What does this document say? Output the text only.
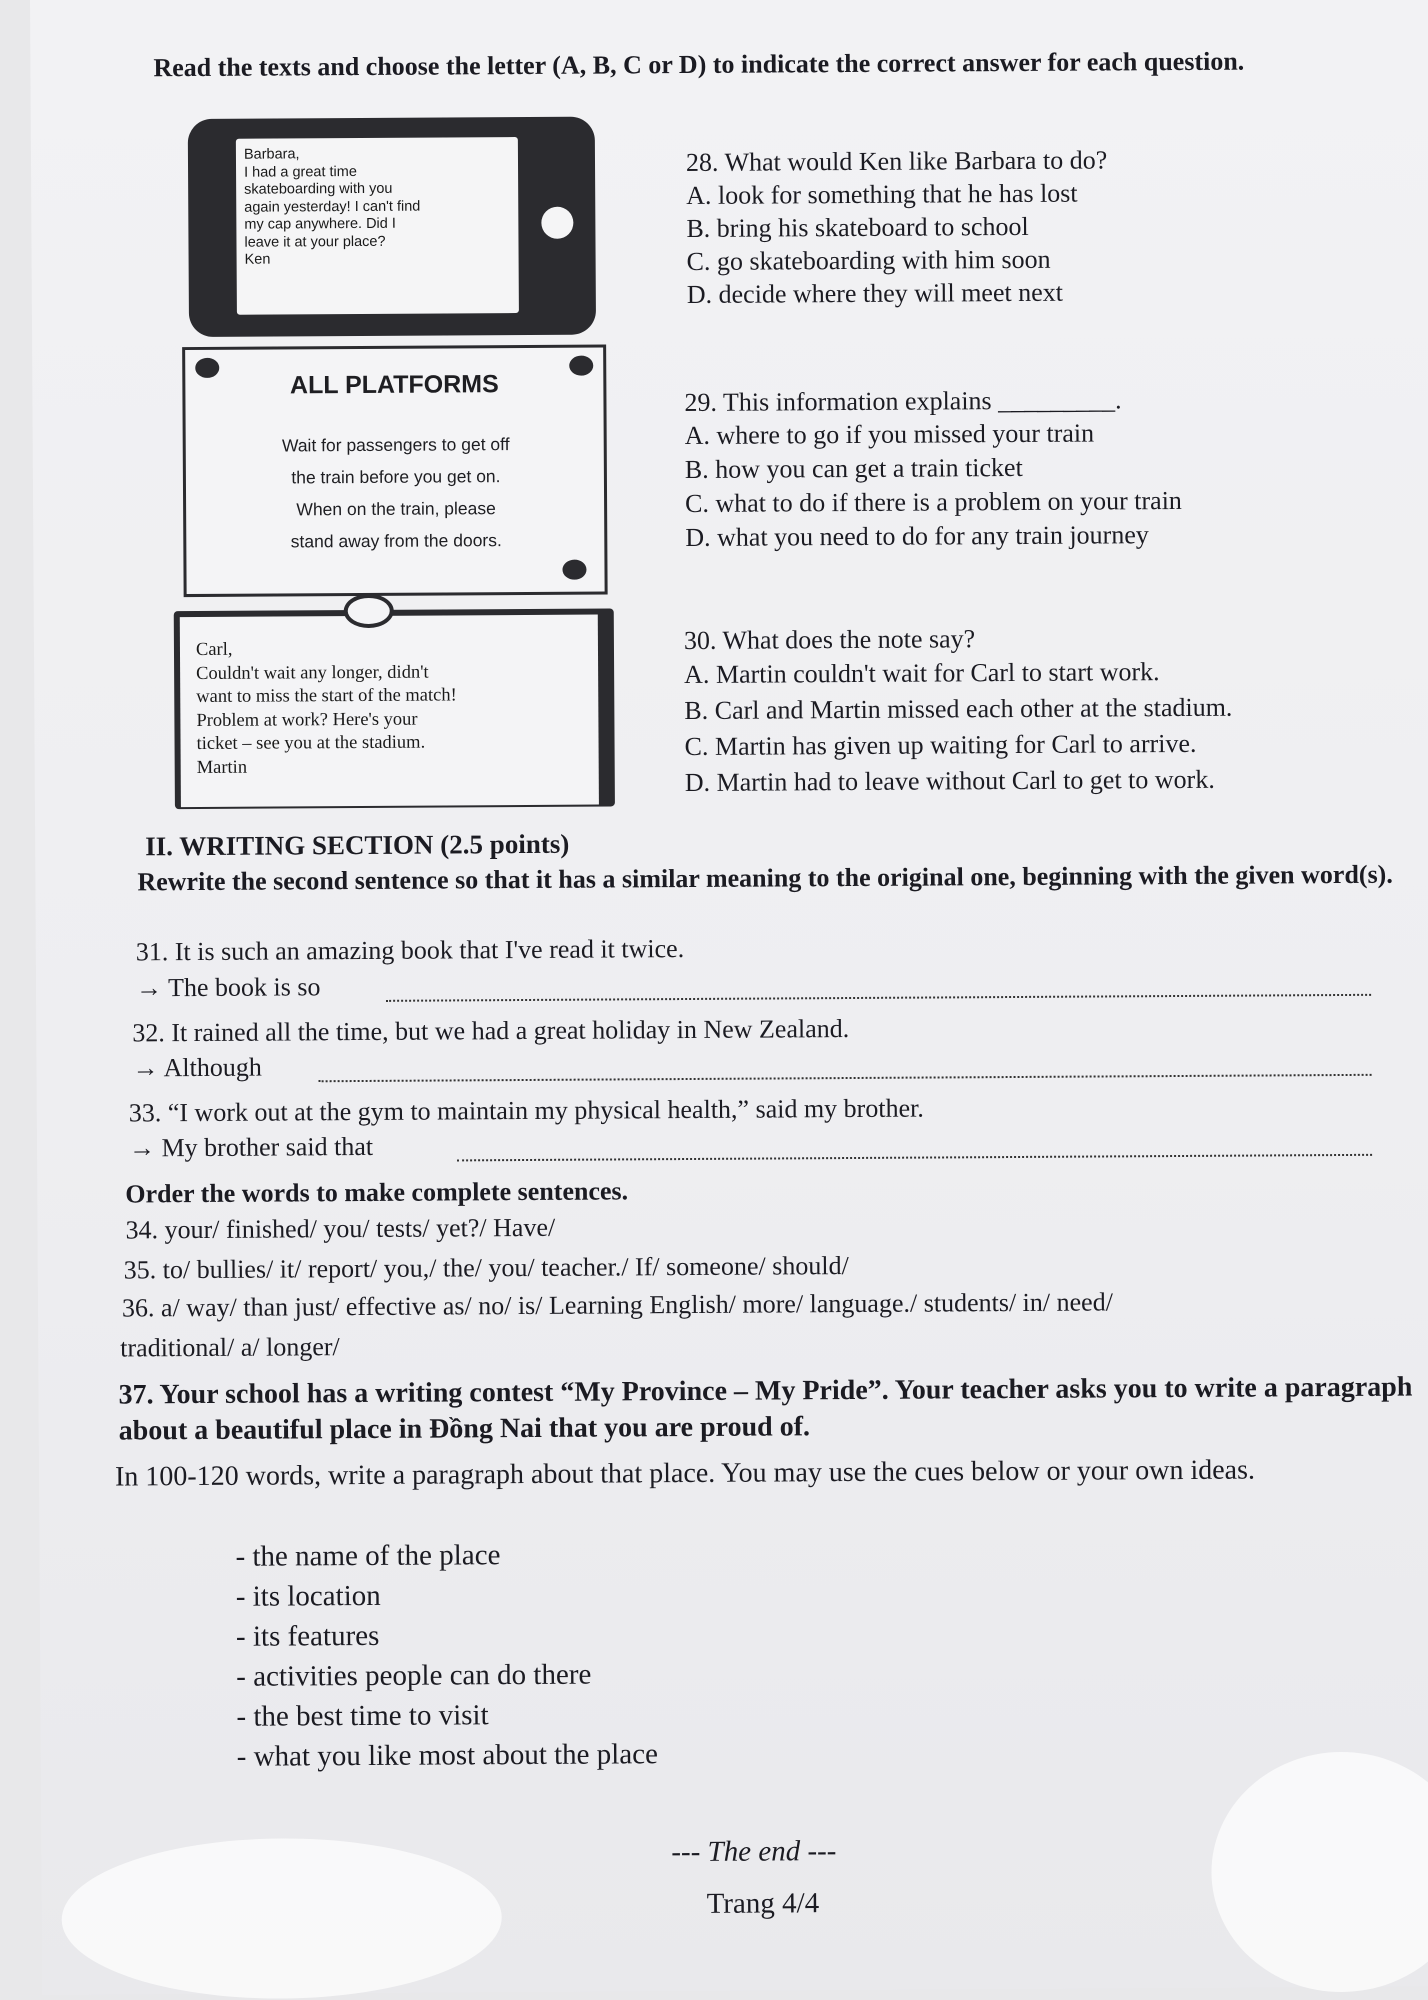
Read the texts and choose the letter (A, B, C or D) to indicate the correct answer for each question.
Barbara,
I had a great time
skateboarding with you
again yesterday! I can't find
my cap anywhere. Did I
leave it at your place?
Ken
ALL PLATFORMS
Wait for passengers to get off
the train before you get on.
When on the train, please
stand away from the doors.
Carl,
Couldn't wait any longer, didn't
want to miss the start of the match!
Problem at work? Here's your
ticket – see you at the stadium.
Martin
28. What would Ken like Barbara to do?
A. look for something that he has lost
B. bring his skateboard to school
C. go skateboarding with him soon
D. decide where they will meet next
29. This information explains _________.
A. where to go if you missed your train
B. how you can get a train ticket
C. what to do if there is a problem on your train
D. what you need to do for any train journey
30. What does the note say?
A. Martin couldn't wait for Carl to start work.
B. Carl and Martin missed each other at the stadium.
C. Martin has given up waiting for Carl to arrive.
D. Martin had to leave without Carl to get to work.
II. WRITING SECTION (2.5 points)
Rewrite the second sentence so that it has a similar meaning to the original one, beginning with the given word(s).
31. It is such an amazing book that I've read it twice.
→ The book is so
32. It rained all the time, but we had a great holiday in New Zealand.
→ Although
33. “I work out at the gym to maintain my physical health,” said my brother.
→ My brother said that
Order the words to make complete sentences.
34. your/ finished/ you/ tests/ yet?/ Have/
35. to/ bullies/ it/ report/ you,/ the/ you/ teacher./ If/ someone/ should/
36. a/ way/ than just/ effective as/ no/ is/ Learning English/ more/ language./ students/ in/ need/
traditional/ a/ longer/
37. Your school has a writing contest “My Province – My Pride”. Your teacher asks you to write a paragraph about a beautiful place in Đồng Nai that you are proud of.
In 100-120 words, write a paragraph about that place. You may use the cues below or your own ideas.
- the name of the place
- its location
- its features
- activities people can do there
- the best time to visit
- what you like most about the place
--- The end ---
Trang 4/4
